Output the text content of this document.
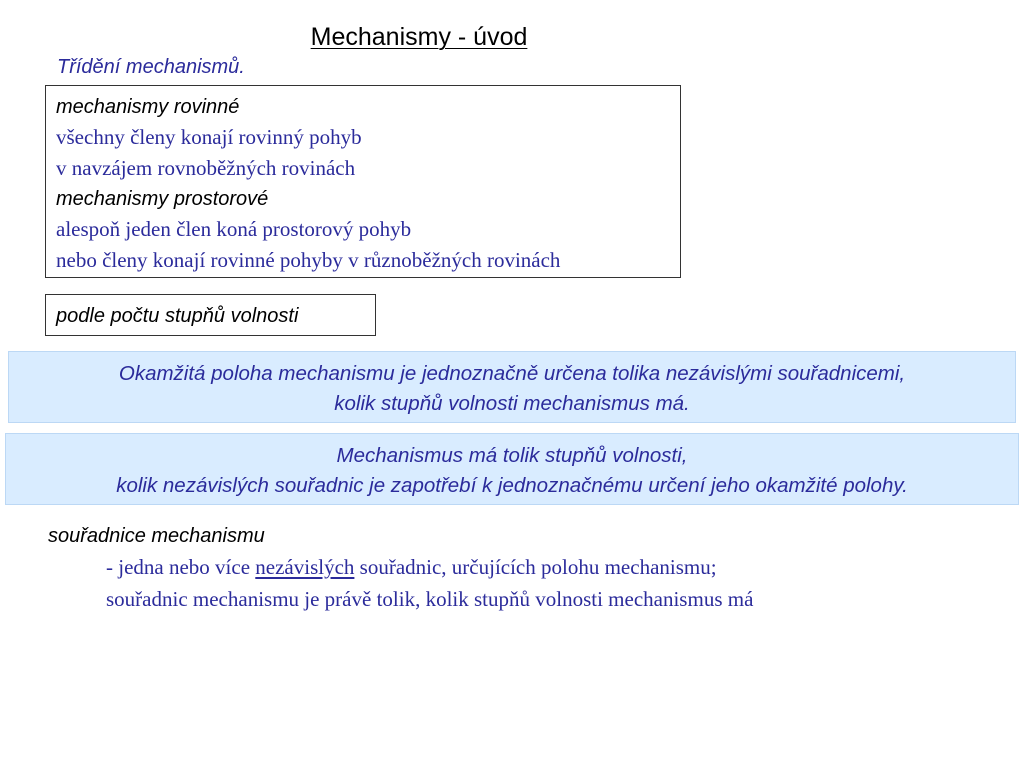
Mechanismy - úvod
Třídění mechanismů.
mechanismy rovinné
všechny členy konají rovinný pohyb
v navzájem rovnoběžných rovinách
mechanismy prostorové
alespoň jeden člen koná prostorový pohyb
nebo členy konají rovinné pohyby v různoběžných rovinách
podle počtu stupňů volnosti
Okamžitá poloha mechanismu je jednoznačně určena tolika nezávislými souřadnicemi,
kolik stupňů volnosti mechanismus má.
Mechanismus má tolik stupňů volnosti,
kolik nezávislých souřadnic je zapotřebí k jednoznačnému určení jeho okamžité polohy.
souřadnice mechanismu
- jedna nebo více nezávislých souřadnic, určujících polohu mechanismu;
souřadnic mechanismu je právě tolik, kolik stupňů volnosti mechanismus má
